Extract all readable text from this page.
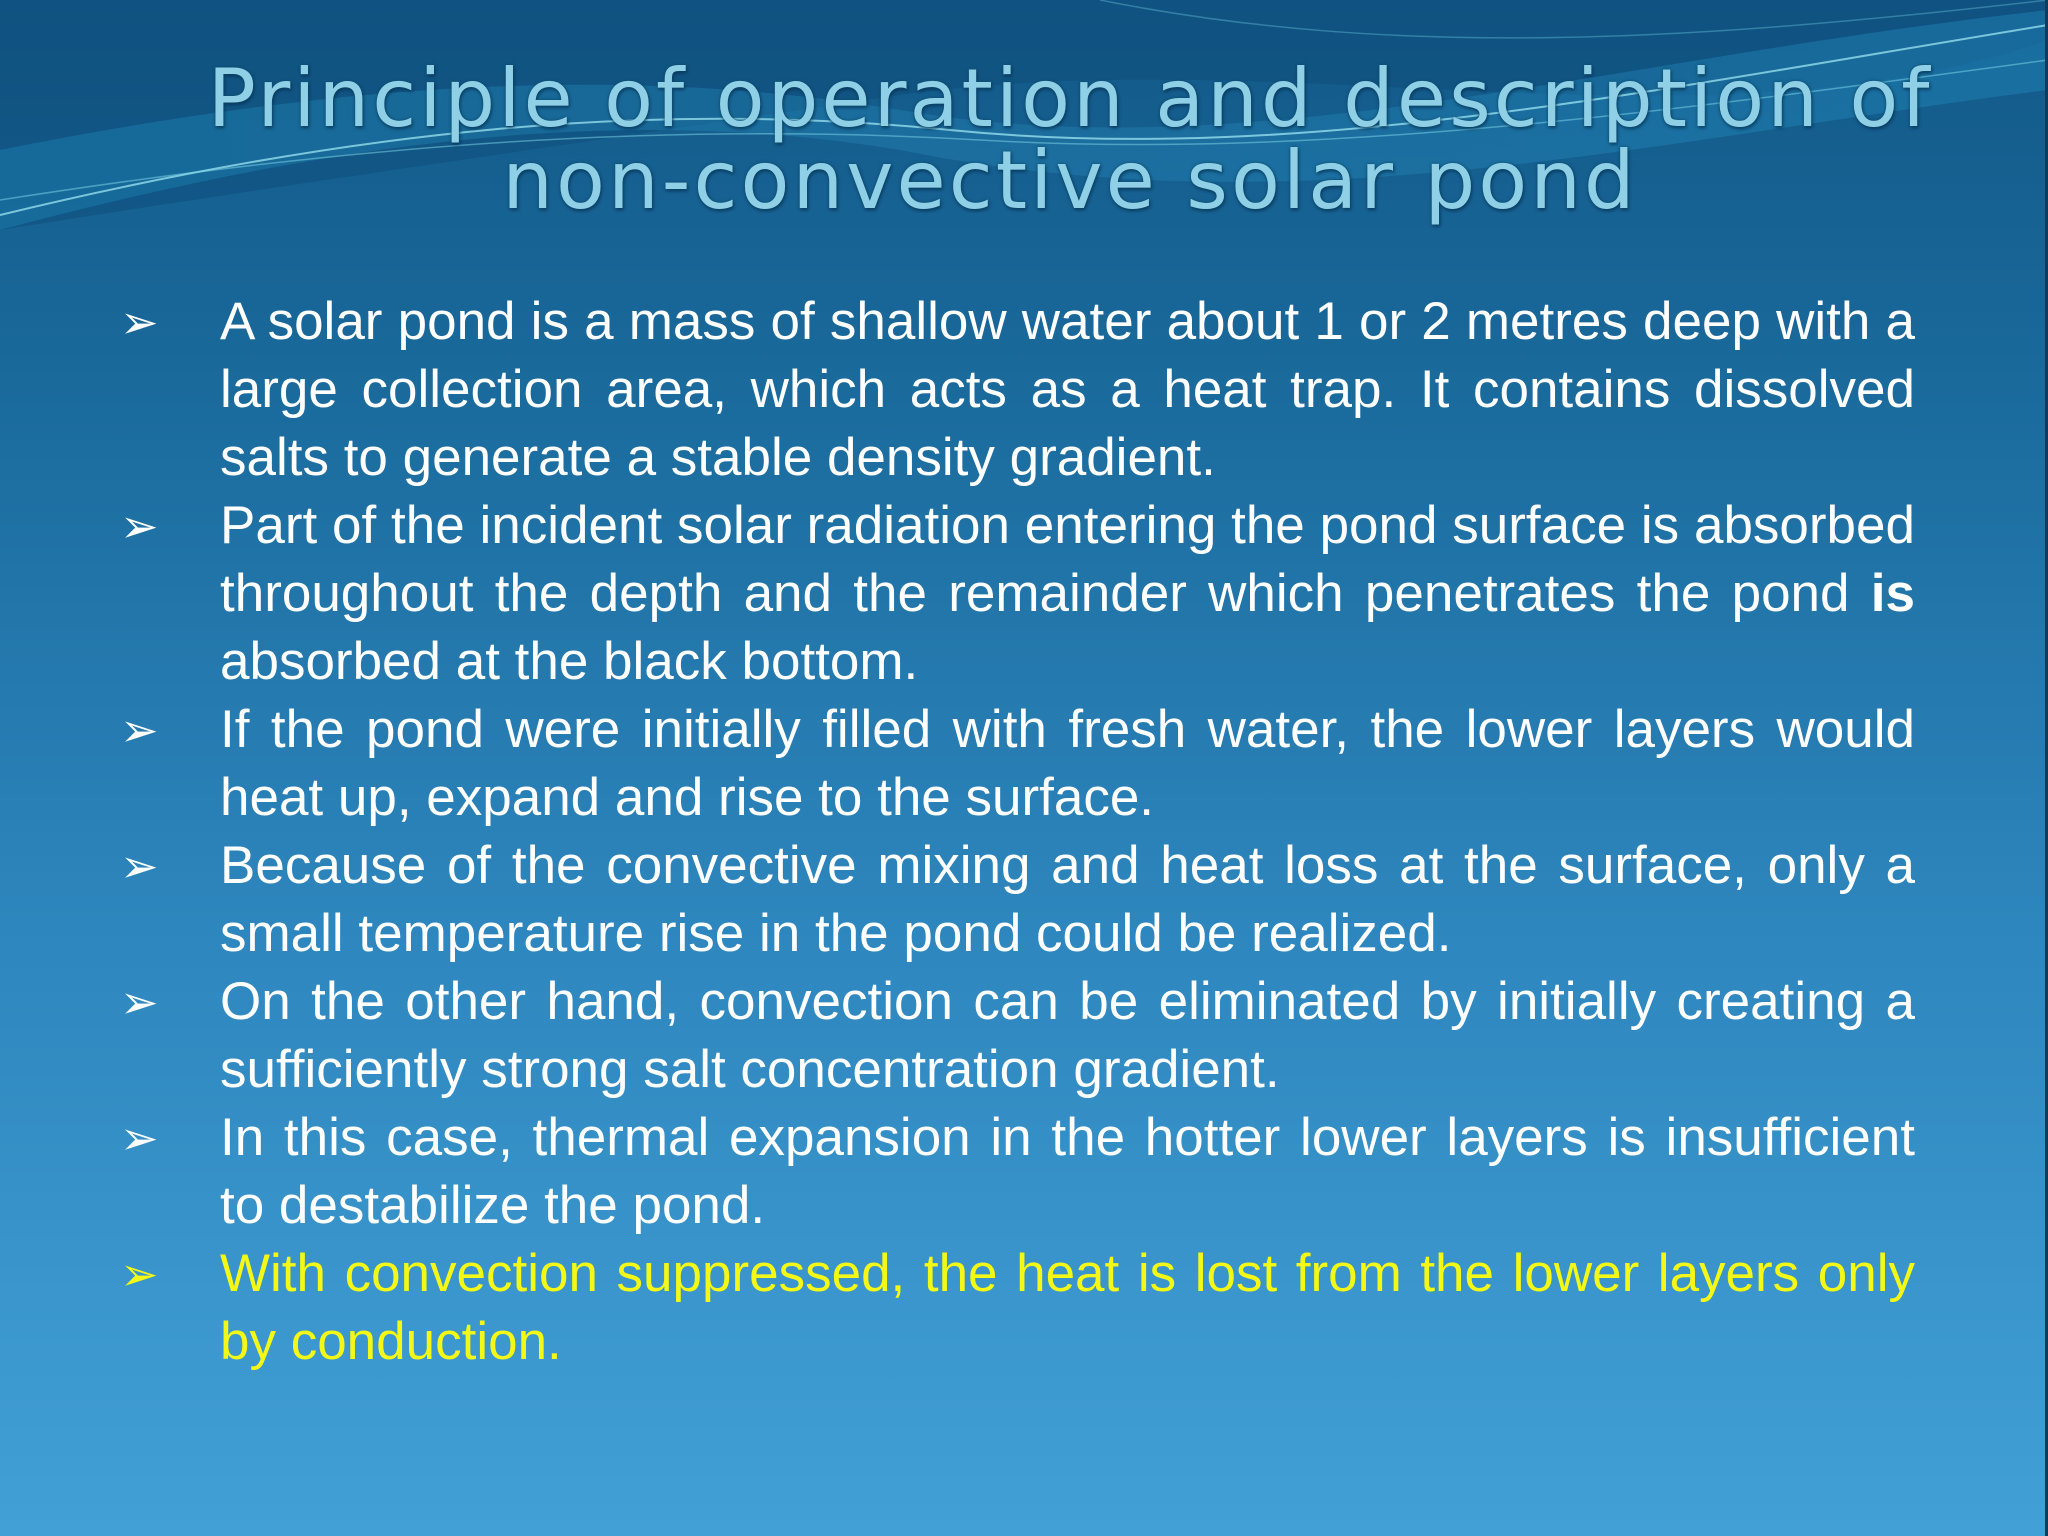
Principle of operation and description of
non-convective solar pond
➢ A solar pond is a mass of shallow water about 1 or 2 metres deep with a large collection area, which acts as a heat trap. It contains dissolved salts to generate a stable density gradient.
➢ Part of the incident solar radiation entering the pond surface is absorbed throughout the depth and the remainder which penetrates the pond is absorbed at the black bottom.
➢ If the pond were initially filled with fresh water, the lower layers would heat up, expand and rise to the surface.
➢ Because of the convective mixing and heat loss at the surface, only a small temperature rise in the pond could be realized.
➢ On the other hand, convection can be eliminated by initially creating a sufficiently strong salt concentration gradient.
➢ In this case, thermal expansion in the hotter lower layers is insufficient to destabilize the pond.
➢ With convection suppressed, the heat is lost from the lower layers only by conduction.
